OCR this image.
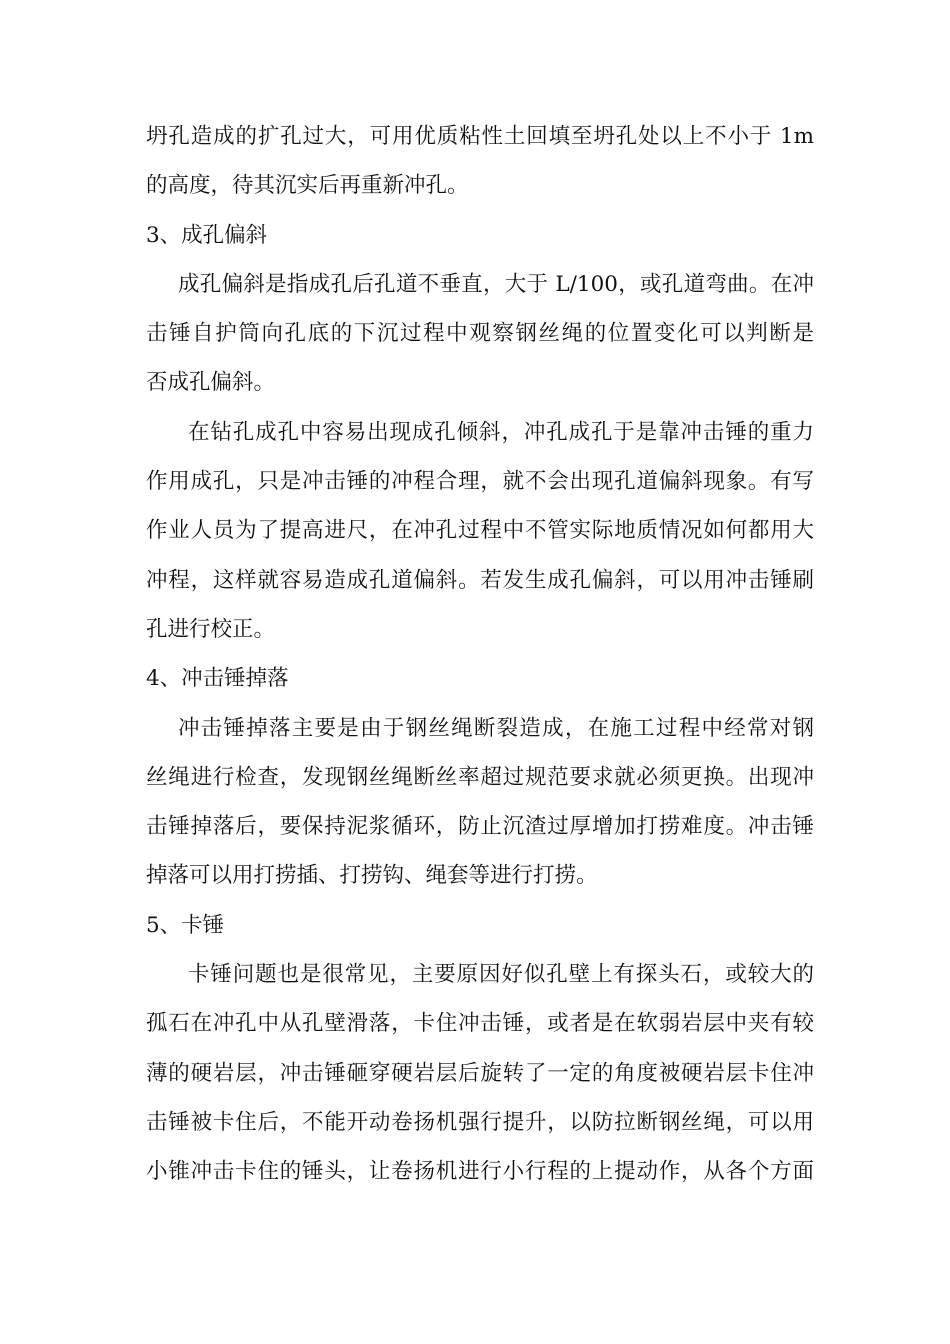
坍孔造成的扩孔过大，可用优质粘性土回填至坍孔处以上不小于 1m
的高度，待其沉实后再重新冲孔。
3、成孔偏斜
成孔偏斜是指成孔后孔道不垂直，大于 L/100，或孔道弯曲。在冲
击锤自护筒向孔底的下沉过程中观察钢丝绳的位置变化可以判断是
否成孔偏斜。
在钻孔成孔中容易出现成孔倾斜，冲孔成孔于是靠冲击锤的重力
作用成孔，只是冲击锤的冲程合理，就不会出现孔道偏斜现象。有写
作业人员为了提高进尺，在冲孔过程中不管实际地质情况如何都用大
冲程，这样就容易造成孔道偏斜。若发生成孔偏斜，可以用冲击锤刷
孔进行校正。
4、冲击锤掉落
冲击锤掉落主要是由于钢丝绳断裂造成，在施工过程中经常对钢
丝绳进行检查，发现钢丝绳断丝率超过规范要求就必须更换。出现冲
击锤掉落后，要保持泥浆循环，防止沉渣过厚增加打捞难度。冲击锤
掉落可以用打捞插、打捞钩、绳套等进行打捞。
5、卡锤
卡锤问题也是很常见，主要原因好似孔壁上有探头石，或较大的
孤石在冲孔中从孔壁滑落，卡住冲击锤，或者是在软弱岩层中夹有较
薄的硬岩层，冲击锤砸穿硬岩层后旋转了一定的角度被硬岩层卡住冲
击锤被卡住后，不能开动卷扬机强行提升，以防拉断钢丝绳，可以用
小锥冲击卡住的锤头，让卷扬机进行小行程的上提动作，从各个方面
